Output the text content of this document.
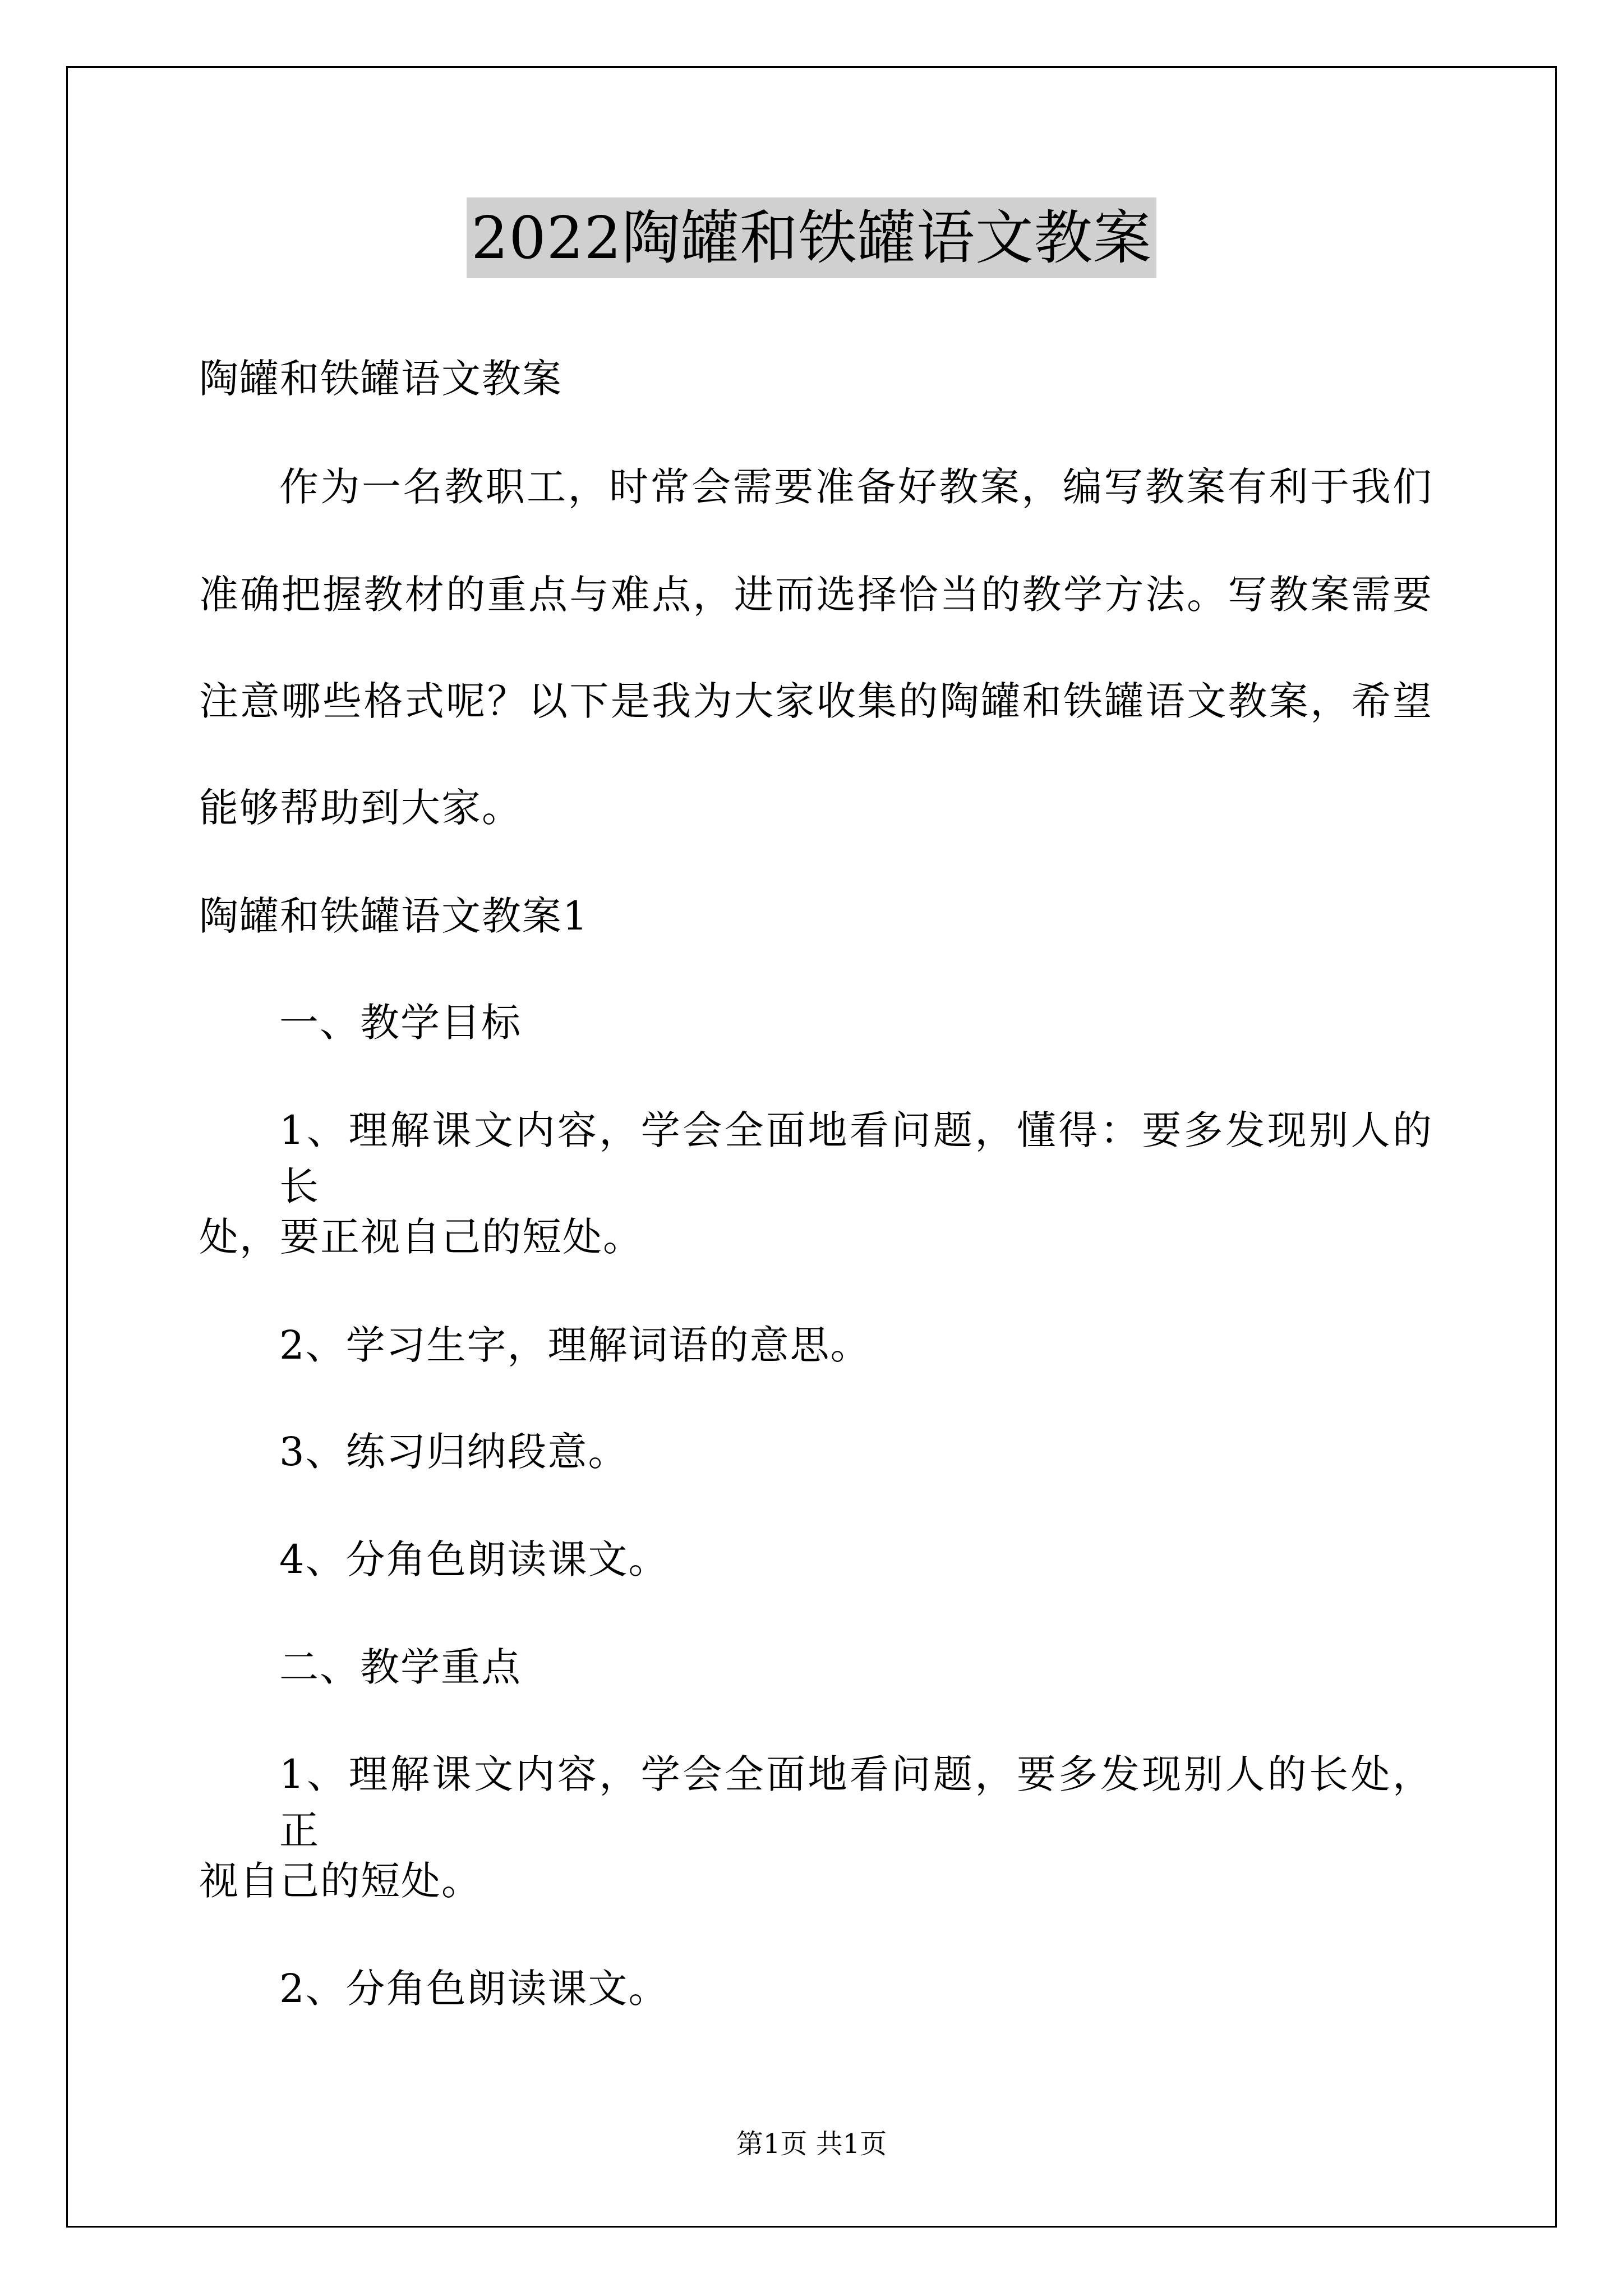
2022陶罐和铁罐语文教案
陶罐和铁罐语文教案
作为一名教职工，时常会需要准备好教案，编写教案有利于我们
准确把握教材的重点与难点，进而选择恰当的教学方法。写教案需要
注意哪些格式呢？以下是我为大家收集的陶罐和铁罐语文教案，希望
能够帮助到大家。
陶罐和铁罐语文教案1
一、教学目标
1、理解课文内容，学会全面地看问题，懂得：要多发现别人的长
处，要正视自己的短处。
2、学习生字，理解词语的意思。
3、练习归纳段意。
4、分角色朗读课文。
二、教学重点
1、理解课文内容，学会全面地看问题，要多发现别人的长处，正
视自己的短处。
2、分角色朗读课文。
第1页 共1页
